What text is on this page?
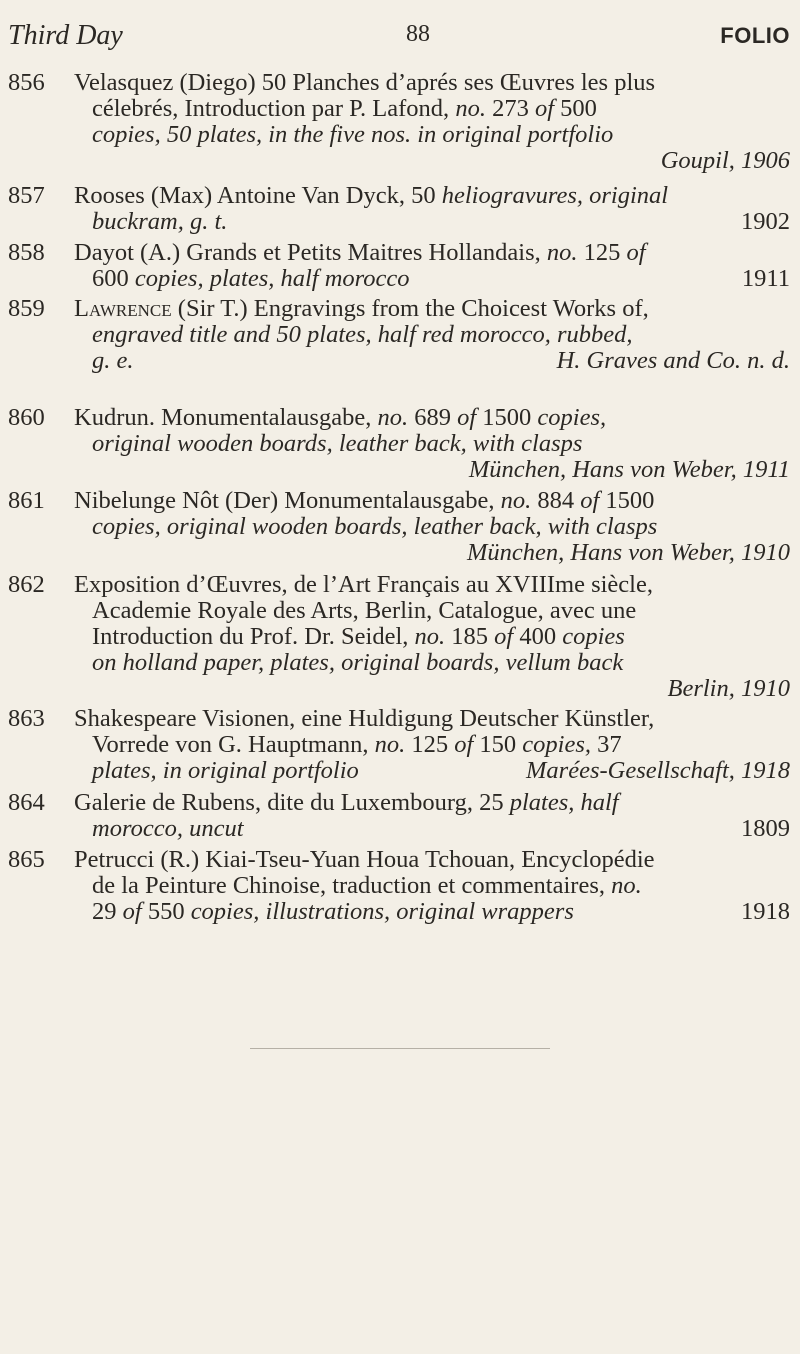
Third Day	88	FOLIO
856	Velasquez (Diego) 50 Planches d’aprés ses Œuvres les plus
célebrés, Introduction par P. Lafond, no. 273 of 500
copies, 50 plates, in the five nos. in original portfolio
Goupil, 1906
857	Rooses (Max) Antoine Van Dyck, 50 heliogravures, original
buckram, g. t.	1902
858	Dayot (A.) Grands et Petits Maitres Hollandais, no. 125 of
600 copies, plates, half morocco	1911
859	Lawrence (Sir T.) Engravings from the Choicest Works of,
engraved title and 50 plates, half red morocco, rubbed,
g. e.	H. Graves and Co. n. d.
860	Kudrun. Monumentalausgabe, no. 689 of 1500 copies,
original wooden boards, leather back, with clasps
München, Hans von Weber, 1911
861	Nibelunge Nôt (Der) Monumentalausgabe, no. 884 of 1500
copies, original wooden boards, leather back, with clasps
München, Hans von Weber, 1910
862	Exposition d’Œuvres, de l’Art Français au XVIIIme siècle,
Academie Royale des Arts, Berlin, Catalogue, avec une
Introduction du Prof. Dr. Seidel, no. 185 of 400 copies
on holland paper, plates, original boards, vellum back
Berlin, 1910
863	Shakespeare Visionen, eine Huldigung Deutscher Künstler,
Vorrede von G. Hauptmann, no. 125 of 150 copies, 37
plates, in original portfolio	Marées-Gesellschaft, 1918
864	Galerie de Rubens, dite du Luxembourg, 25 plates, half
morocco, uncut	1809
865	Petrucci (R.) Kiai-Tseu-Yuan Houa Tchouan, Encyclopédie
de la Peinture Chinoise, traduction et commentaires, no.
29 of 550 copies, illustrations, original wrappers	1918
